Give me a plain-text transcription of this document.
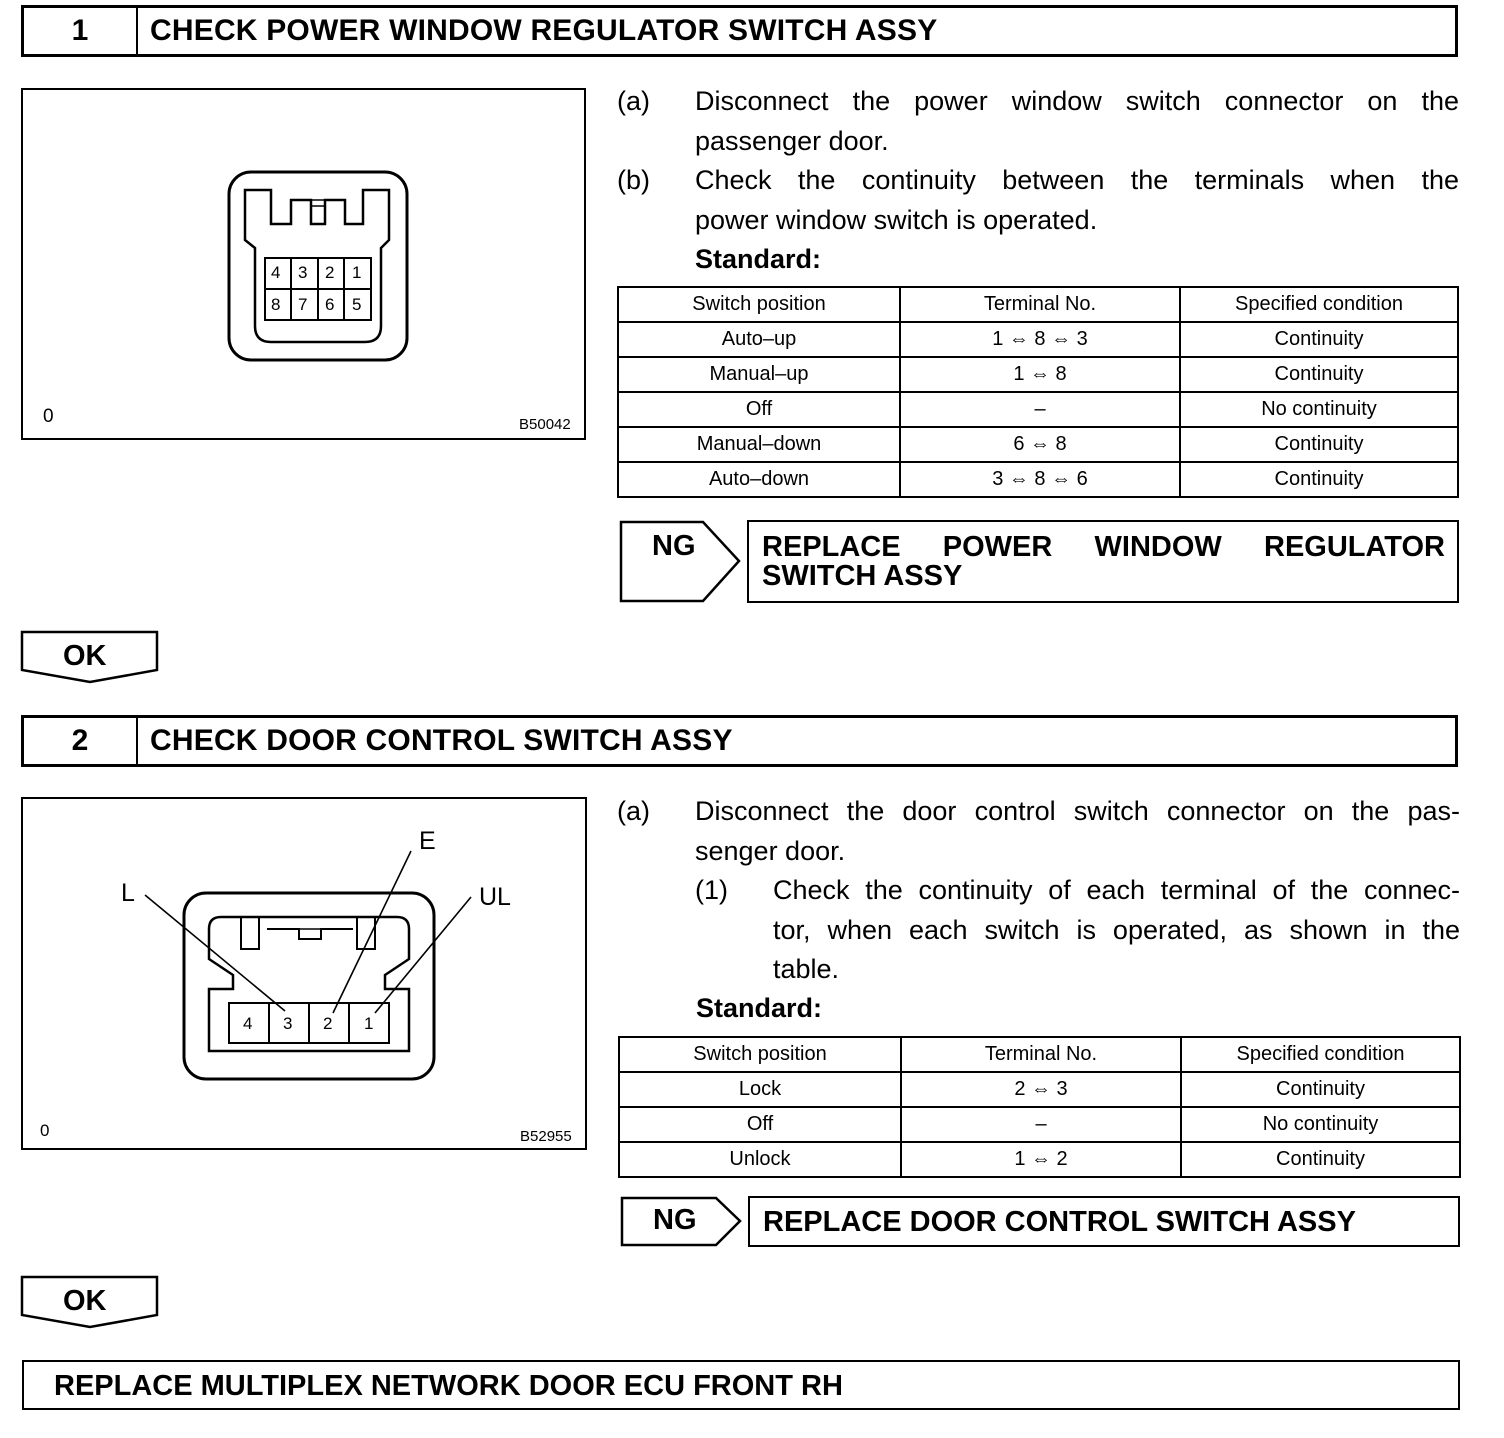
1	CHECK POWER WINDOW REGULATOR SWITCH ASSY
4 3 2 1
8 7 6 5
0	B50042
(a)	Disconnect the power window switch connector on the
passenger door.
(b)	Check the continuity between the terminals when the
power window switch is operated.
Standard:
Switch position	Terminal No.	Specified condition
Auto–up	1 ⇔ 8 ⇔ 3	Continuity
Manual–up	1 ⇔ 8	Continuity
Off	–	No continuity
Manual–down	6 ⇔ 8	Continuity
Auto–down	3 ⇔ 8 ⇔ 6	Continuity
NG REPLACE POWER WINDOW REGULATOR
SWITCH ASSY
OK
2	CHECK DOOR CONTROL SWITCH ASSY
4 3 2 1
L
E
UL
0	B52955
(a)	Disconnect the door control switch connector on the pas-
senger door.
(1)	Check the continuity of each terminal of the connec-
tor, when each switch is operated, as shown in the
table.
Standard:
Switch position	Terminal No.	Specified condition
Lock	2 ⇔ 3	Continuity
Off	–	No continuity
Unlock	1 ⇔ 2	Continuity
NG REPLACE DOOR CONTROL SWITCH ASSY
OK
REPLACE MULTIPLEX NETWORK DOOR ECU FRONT RH
